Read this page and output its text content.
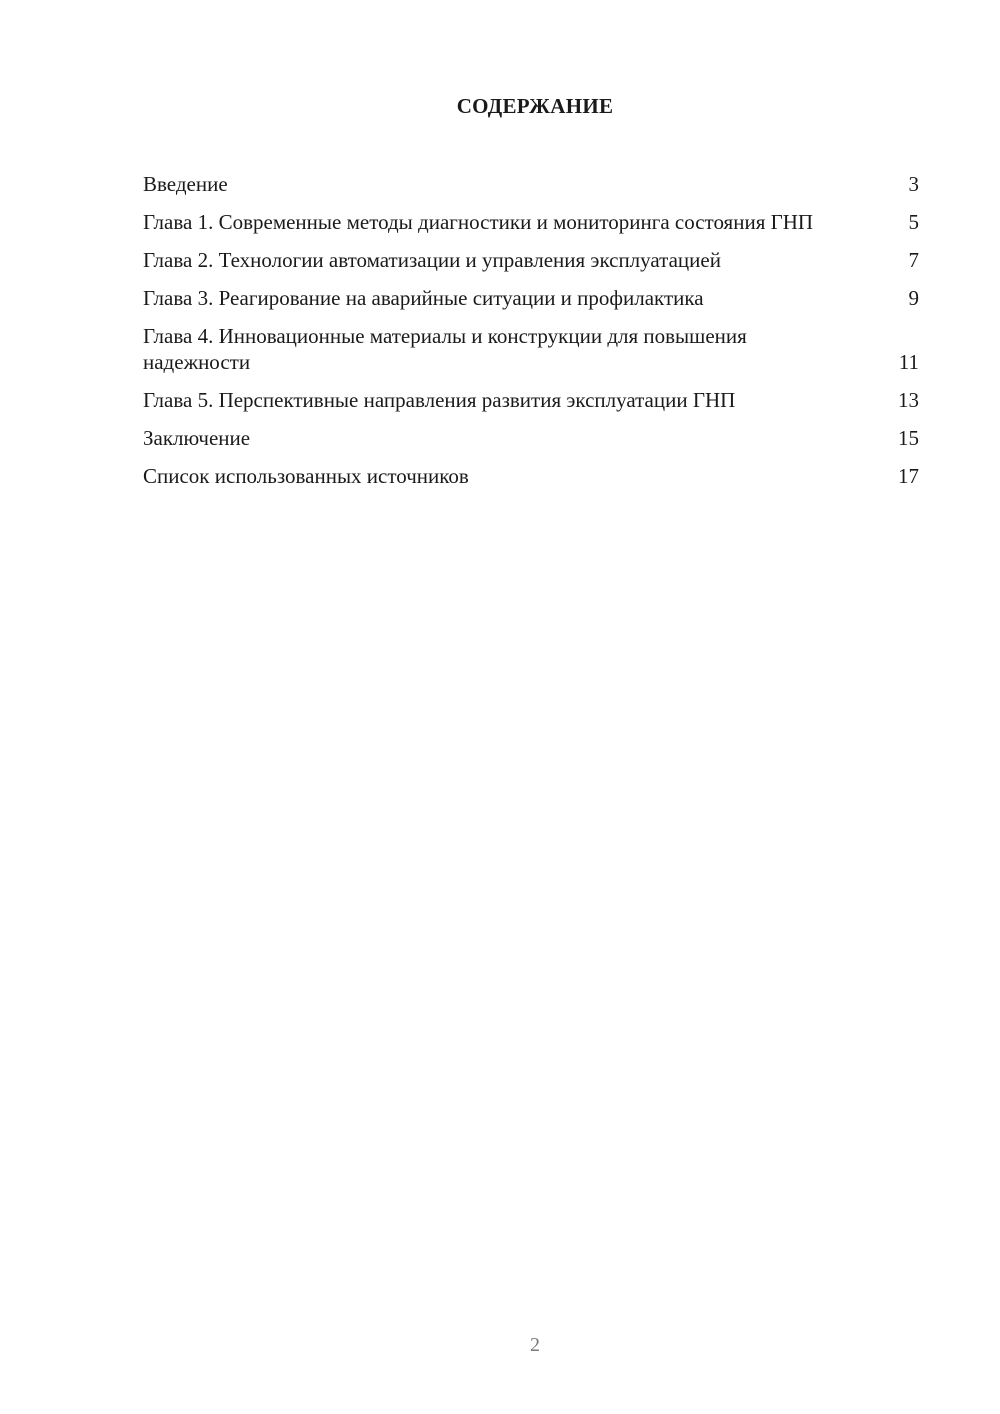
СОДЕРЖАНИЕ
Введение	3
Глава 1. Современные методы диагностики и мониторинга состояния ГНП	5
Глава 2. Технологии автоматизации и управления эксплуатацией	7
Глава 3. Реагирование на аварийные ситуации и профилактика	9
Глава 4. Инновационные материалы и конструкции для повышения надежности	11
Глава 5. Перспективные направления развития эксплуатации ГНП	13
Заключение	15
Список использованных источников	17
2
